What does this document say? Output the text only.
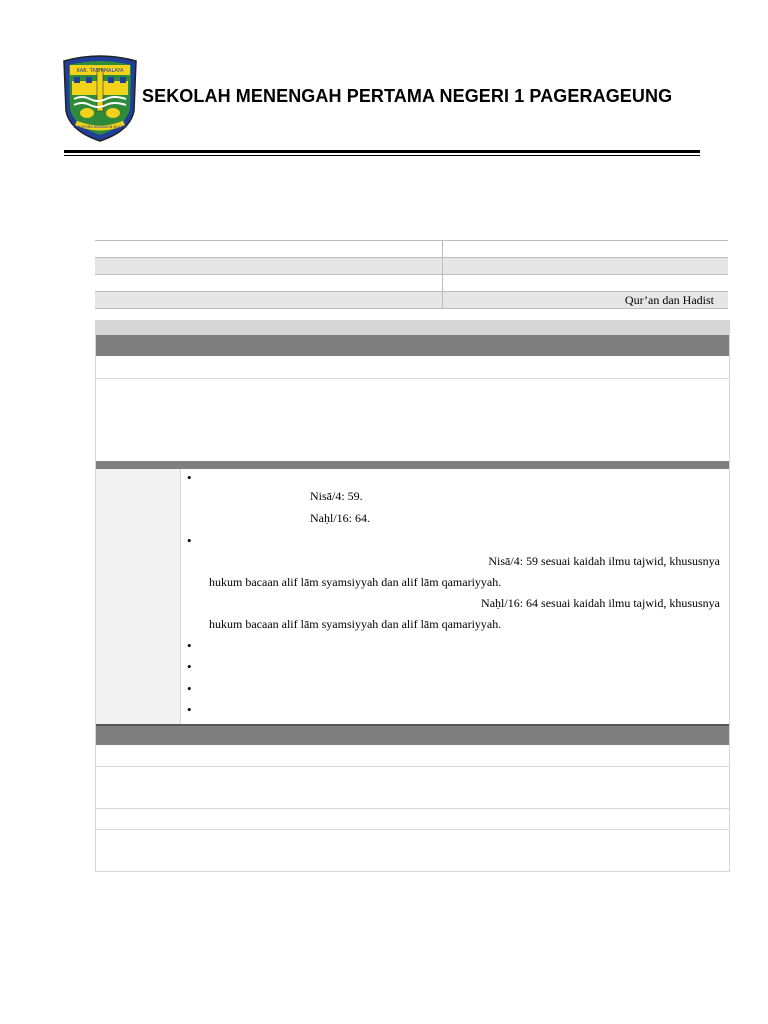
KAB. TASIKMALAYA
SUKAPURA NGADAUN NGORA
SEKOLAH MENENGAH PERTAMA NEGERI 1 PAGERAGEUNG
Qur’an dan Hadist
•
Nisā/4: 59.
Naḥl/16: 64.
•
Nisā/4: 59 sesuai kaidah ilmu tajwid, khususnya
hukum bacaan alif lām syamsiyyah dan alif lām qamariyyah.
Naḥl/16: 64 sesuai kaidah ilmu tajwid, khususnya
hukum bacaan alif lām syamsiyyah dan alif lām qamariyyah.
•
•
•
•
